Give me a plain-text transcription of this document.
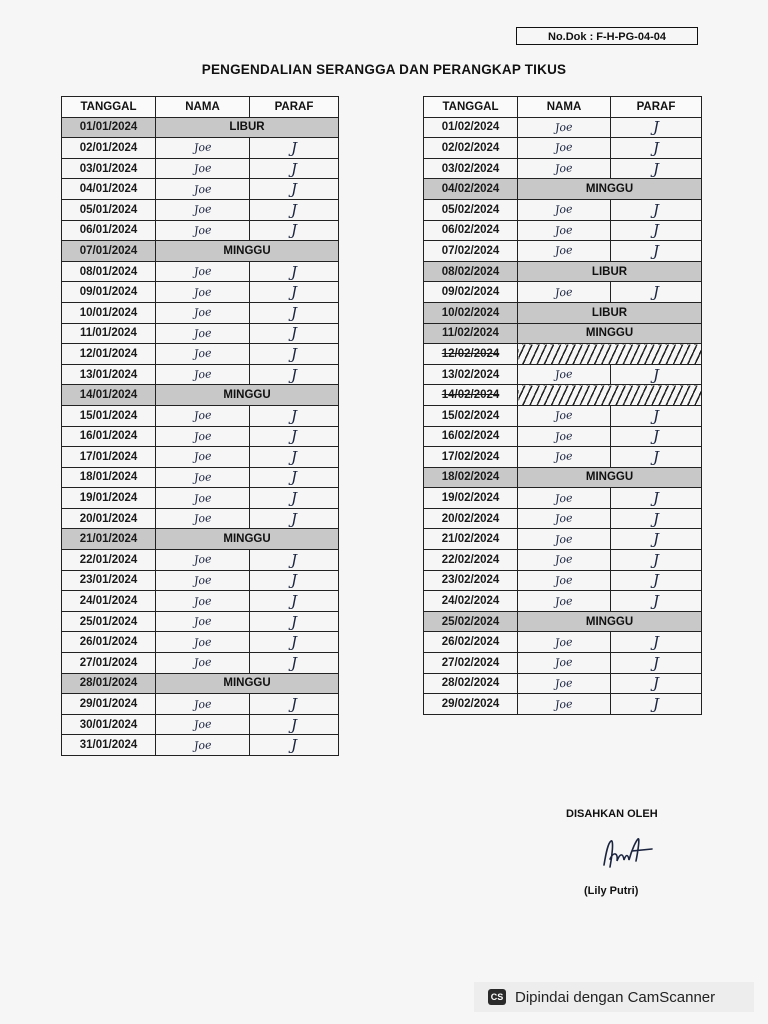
No.Dok : F-H-PG-04-04
PENGENDALIAN SERANGGA DAN PERANGKAP TIKUS
TANGGAL	NAMA	PARAF
01/01/2024	LIBUR	
02/01/2024	Joe	J
03/01/2024	Joe	J
04/01/2024	Joe	J
05/01/2024	Joe	J
06/01/2024	Joe	J
07/01/2024	MINGGU	
08/01/2024	Joe	J
09/01/2024	Joe	J
10/01/2024	Joe	J
11/01/2024	Joe	J
12/01/2024	Joe	J
13/01/2024	Joe	J
14/01/2024	MINGGU	
15/01/2024	Joe	J
16/01/2024	Joe	J
17/01/2024	Joe	J
18/01/2024	Joe	J
19/01/2024	Joe	J
20/01/2024	Joe	J
21/01/2024	MINGGU	
22/01/2024	Joe	J
23/01/2024	Joe	J
24/01/2024	Joe	J
25/01/2024	Joe	J
26/01/2024	Joe	J
27/01/2024	Joe	J
28/01/2024	MINGGU	
29/01/2024	Joe	J
30/01/2024	Joe	J
31/01/2024	Joe	J
TANGGAL	NAMA	PARAF
01/02/2024	Joe	J
02/02/2024	Joe	J
03/02/2024	Joe	J
04/02/2024	MINGGU	
05/02/2024	Joe	J
06/02/2024	Joe	J
07/02/2024	Joe	J
08/02/2024	LIBUR	
09/02/2024	Joe	J
10/02/2024	LIBUR	
11/02/2024	MINGGU	
12/02/2024		
13/02/2024	Joe	J
14/02/2024		
15/02/2024	Joe	J
16/02/2024	Joe	J
17/02/2024	Joe	J
18/02/2024	MINGGU	
19/02/2024	Joe	J
20/02/2024	Joe	J
21/02/2024	Joe	J
22/02/2024	Joe	J
23/02/2024	Joe	J
24/02/2024	Joe	J
25/02/2024	MINGGU	
26/02/2024	Joe	J
27/02/2024	Joe	J
28/02/2024	Joe	J
29/02/2024	Joe	J
DISAHKAN OLEH
(Lily Putri)
CS Dipindai dengan CamScanner
